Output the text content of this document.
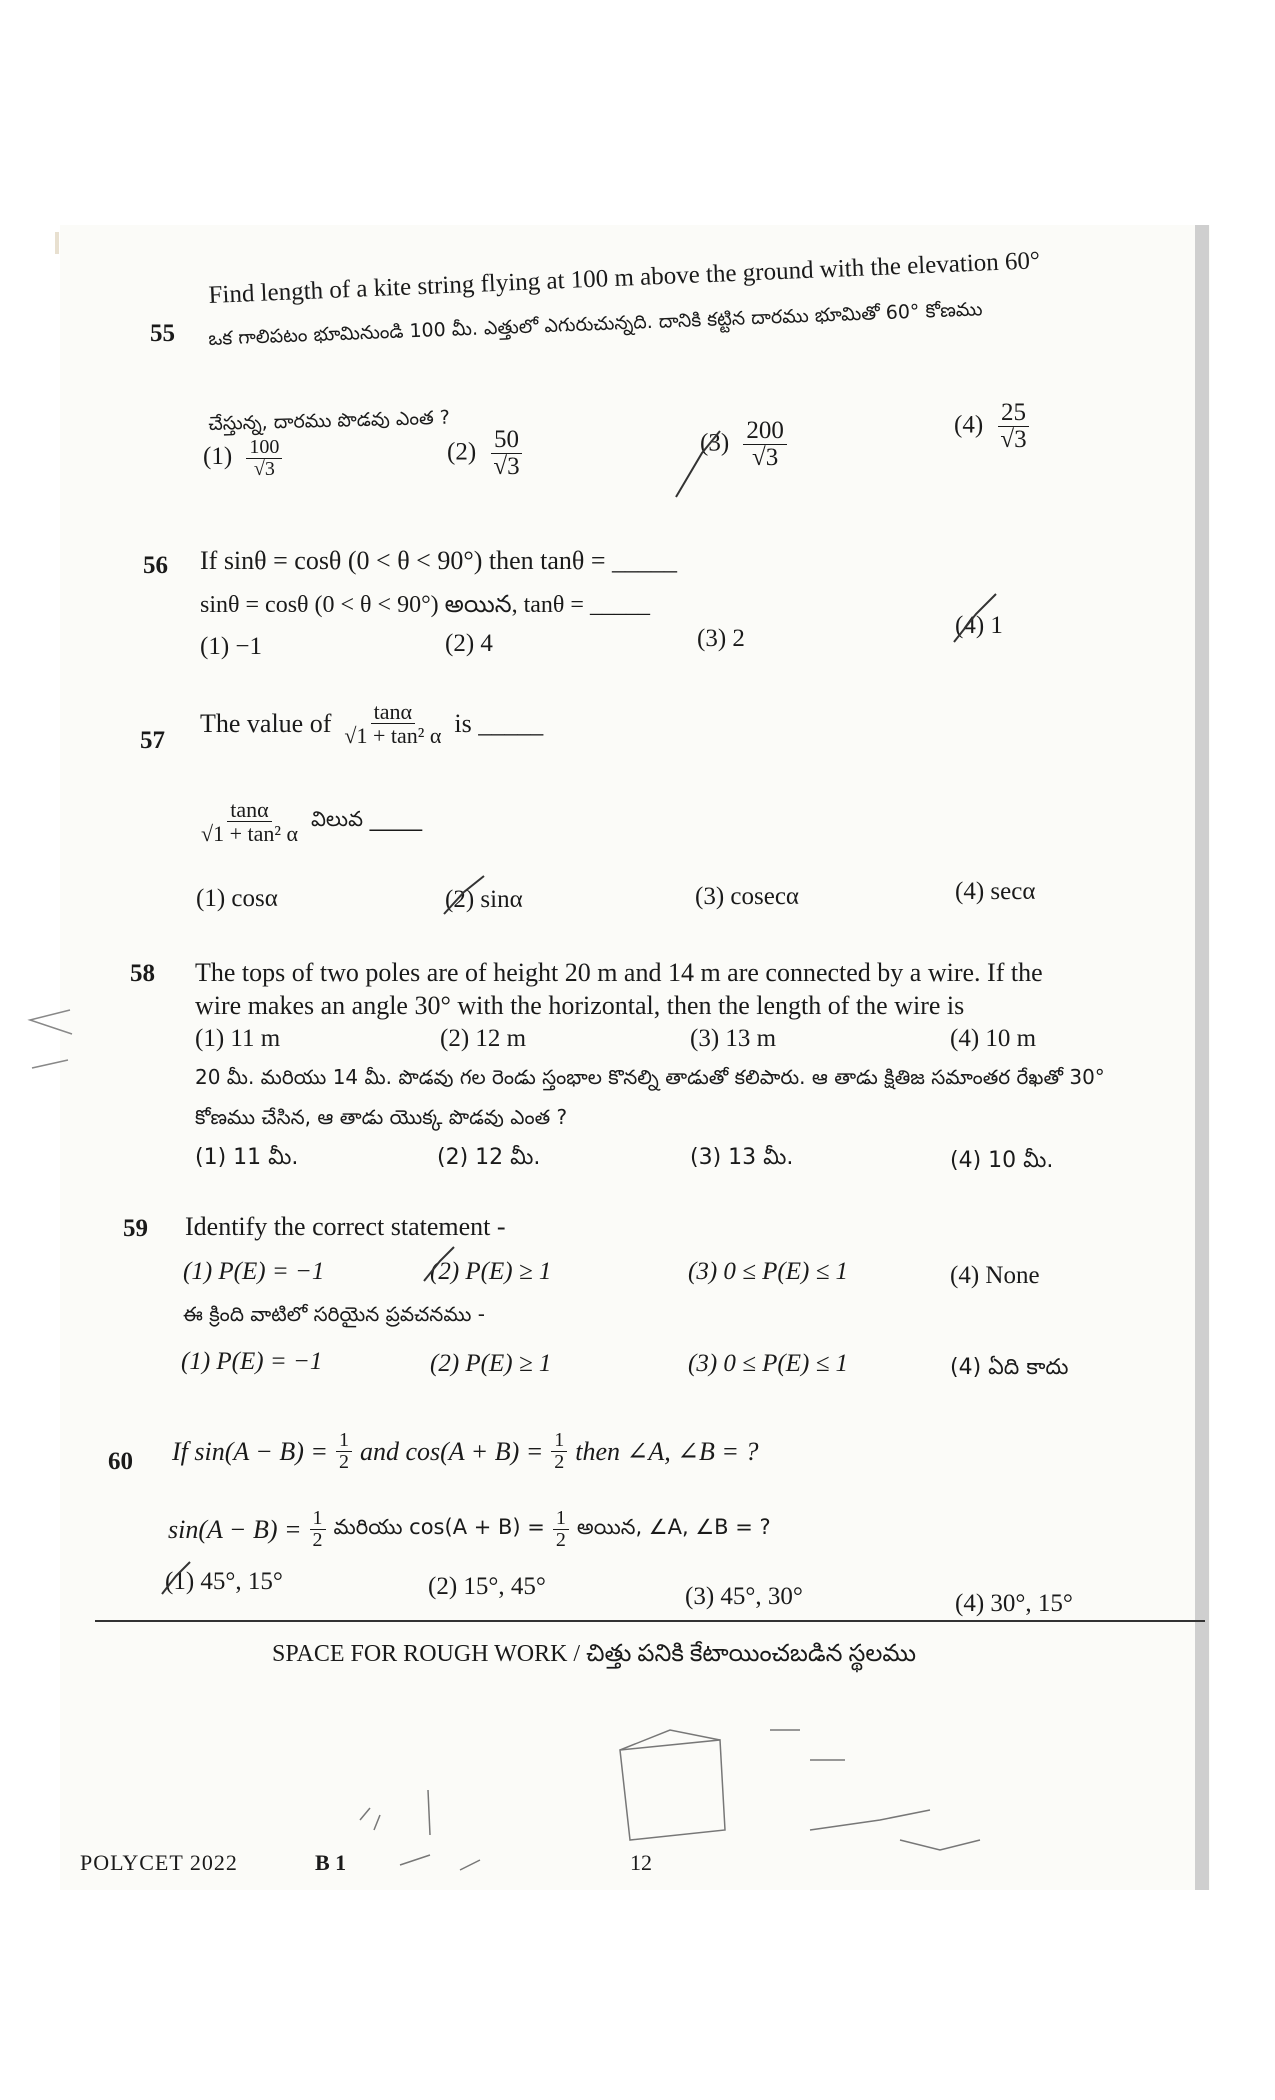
55
Find length of a kite string flying at 100 m above the ground with the elevation 60°
ఒక గాలిపటం భూమినుండి 100 మీ. ఎత్తులో ఎగురుచున్నది. దానికి కట్టిన దారము భూమితో 60° కోణము
చేస్తున్న, దారము పొడవు ఎంత ?
$(1) \frac{100}{√3}$	$(2) \frac{50}{√3}$	$(3) \frac{200}{√3}$	$(4) \frac{25}{√3}$
56 If sinθ = cosθ (0 < θ < 90°) then tanθ = _____
sinθ = cosθ (0 < θ < 90°) అయిన, tanθ = _____
(1) −1	(2) 4	(3) 2	(4) 1
57
The value of $\frac{\tan\alpha}{\text{√1 + tan² α}}$ is _____
$\frac{\tan\alpha}{\text{√1 + tan² α}}$ విలువ _____
(1) cosα	(2) sinα	(3) cosecα	(4) secα
58 The tops of two poles are of height 20 m and 14 m are connected by a wire. If the
wire makes an angle 30° with the horizontal, then the length of the wire is
(1) 11 m	(2) 12 m	(3) 13 m	(4) 10 m
20 మీ. మరియు 14 మీ. పొడవు గల రెండు స్తంభాల కొనల్ని తాడుతో కలిపారు. ఆ తాడు క్షితిజ సమాంతర రేఖతో 30°
కోణము చేసిన, ఆ తాడు యొక్క పొడవు ఎంత ?
(1) 11 మీ.	(2) 12 మీ.	(3) 13 మీ.	(4) 10 మీ.
59 Identify the correct statement -
(1) P(E) = −1	(2) P(E) ≥ 1	(3) 0 ≤ P(E) ≤ 1	(4) None
ఈ క్రింది వాటిలో సరియైన ప్రవచనము -
(1) P(E) = −1	(2) P(E) ≥ 1	(3) 0 ≤ P(E) ≤ 1	(4) ఏది కాదు
60 If $\sin(A - B) = \frac{1}{2}$ and $\cos(A + B) = \frac{1}{2}$ then ∠A, ∠B = ?
$\sin(A - B) = \frac{1}{2}$ మరియు $\cos(A + B) = \frac{1}{2}$ అయిన, ∠A, ∠B = ?
(1) 45°, 15°	(2) 15°, 45°	(3) 45°, 30°	(4) 30°, 15°
SPACE FOR ROUGH WORK / చిత్తు పనికి కేటాయించబడిన స్థలము
POLYCET 2022	B 1	12
